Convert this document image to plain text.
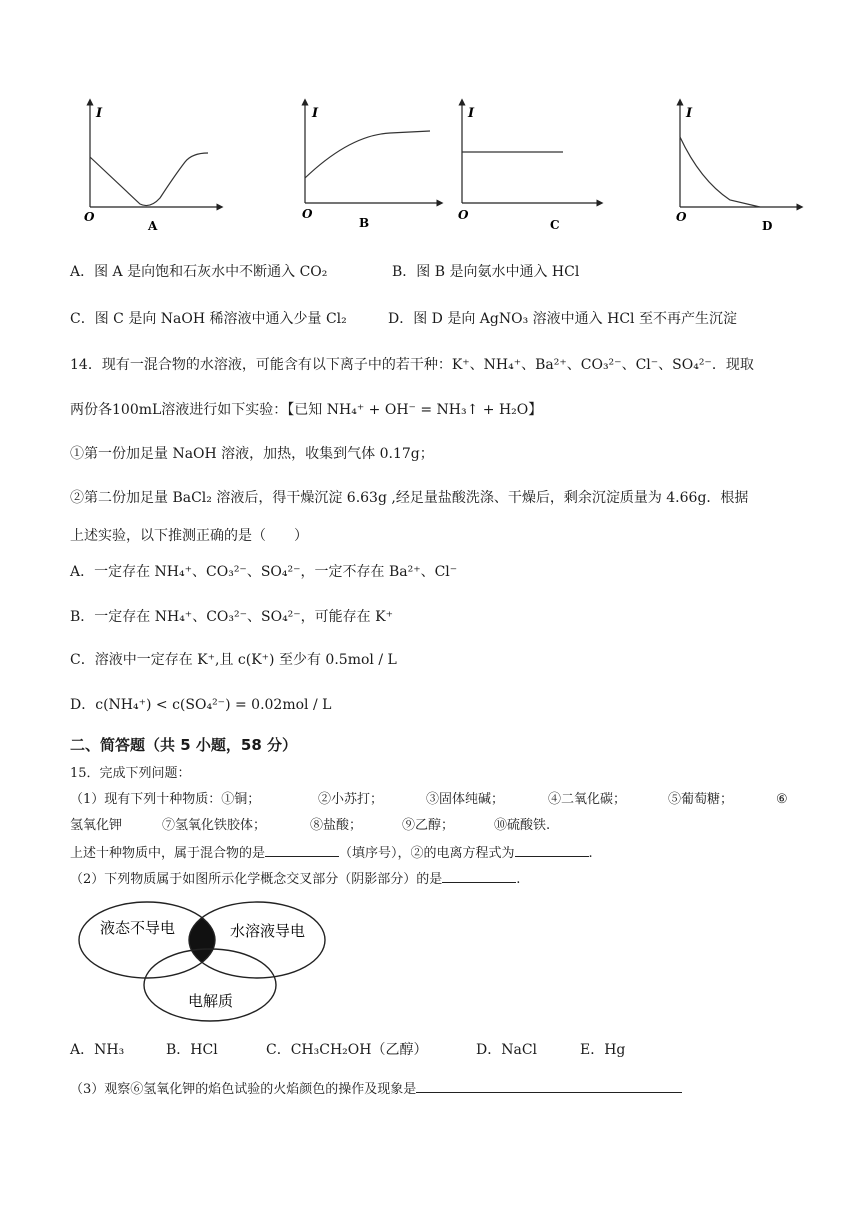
I
O
A
I
O
B
I
O
C
I
O
D
A．图 A 是向饱和石灰水中不断通入 CO₂	B．图 B 是向氨水中通入 HCl
C．图 C 是向 NaOH 稀溶液中通入少量 Cl₂	D．图 D 是向 AgNO₃ 溶液中通入 HCl 至不再产生沉淀
14．现有一混合物的水溶液，可能含有以下离子中的若干种：K⁺、NH₄⁺、Ba²⁺、CO₃²⁻、Cl⁻、SO₄²⁻．现取
两份各100mL溶液进行如下实验：【已知 NH₄⁺ + OH⁻ = NH₃↑ + H₂O】
①第一份加足量 NaOH 溶液，加热，收集到气体 0.17g；
②第二份加足量 BaCl₂ 溶液后，得干燥沉淀 6.63g ,经足量盐酸洗涤、干燥后，剩余沉淀质量为 4.66g．根据
上述实验，以下推测正确的是（　　）
A．一定存在 NH₄⁺、CO₃²⁻、SO₄²⁻，一定不存在 Ba²⁺、Cl⁻
B．一定存在 NH₄⁺、CO₃²⁻、SO₄²⁻，可能存在 K⁺
C．溶液中一定存在 K⁺,且 c(K⁺) 至少有 0.5mol / L
D．c(NH₄⁺) < c(SO₄²⁻) = 0.02mol / L
二、简答题（共 5 小题，58 分）
15．完成下列问题：
（1）现有下列十种物质：①铜；	②小苏打；	③固体纯碱；	④二氧化碳；	⑤葡萄糖；	⑥
氢氧化钾	⑦氢氧化铁胶体；	⑧盐酸；	⑨乙醇；	⑩硫酸铁.
上述十种物质中，属于混合物的是	（填序号），②的电离方程式为	.
（2）下列物质属于如图所示化学概念交叉部分（阴影部分）的是	.
液态不导电	水溶液导电
电解质
A．NH₃	B．HCl	C．CH₃CH₂OH（乙醇）	D．NaCl	E．Hg
（3）观察⑥氢氧化钾的焰色试验的火焰颜色的操作及现象是
